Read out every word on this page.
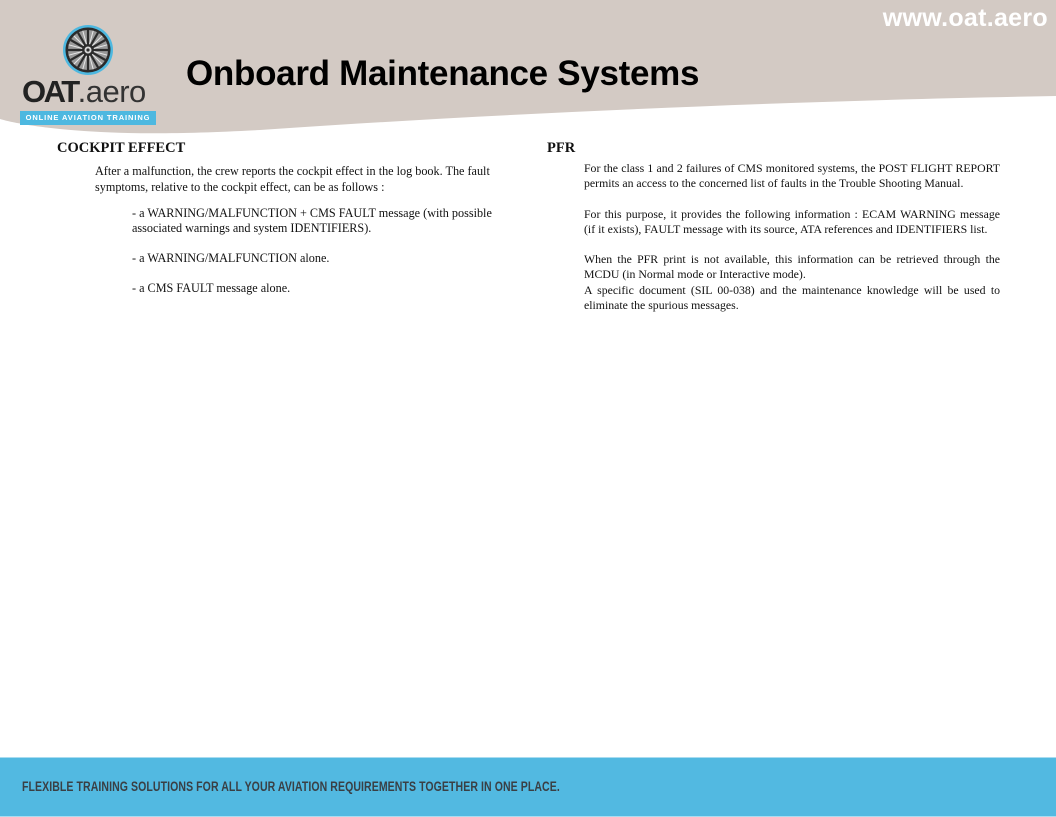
www.oat.aero
OAT.aero
ONLINE AVIATION TRAINING
Onboard Maintenance Systems
COCKPIT EFFECT

After a malfunction, the crew reports the cockpit effect in the log book. The fault symptoms, relative to the cockpit effect, can be as follows :

- a WARNING/MALFUNCTION + CMS FAULT message (with possible associated warnings and system IDENTIFIERS).
- a WARNING/MALFUNCTION alone.
- a CMS FAULT message alone.
PFR

For the class 1 and 2 failures of CMS monitored systems, the POST FLIGHT REPORT permits an access to the concerned list of faults in the Trouble Shooting Manual.

For this purpose, it provides the following information : ECAM WARNING message (if it exists), FAULT message with its source, ATA references and IDENTIFIERS list.

When the PFR print is not available, this information can be retrieved through the MCDU (in Normal mode or Interactive mode).

A specific document (SIL 00-038) and the maintenance knowledge will be used to eliminate the spurious messages.

FLEXIBLE TRAINING SOLUTIONS FOR ALL YOUR AVIATION REQUIREMENTS TOGETHER IN ONE PLACE.
